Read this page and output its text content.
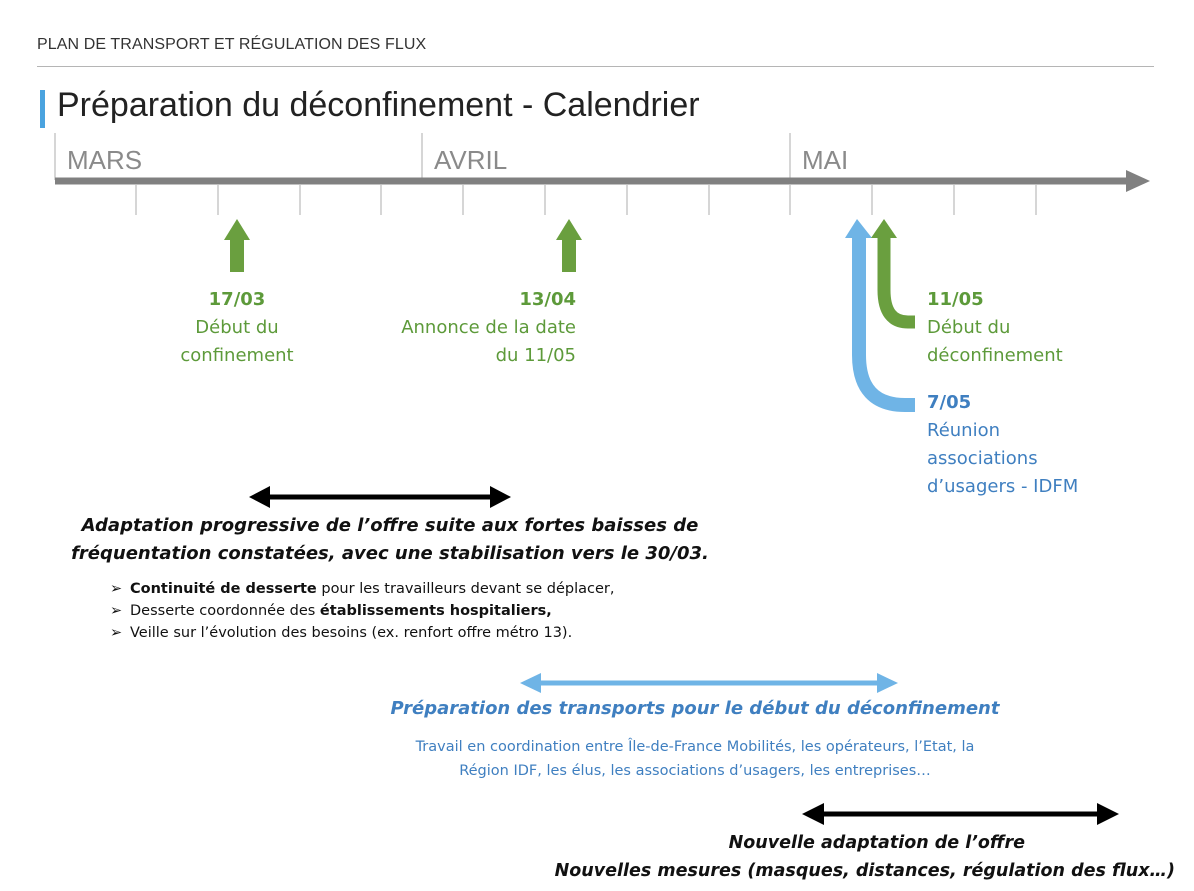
PLAN DE TRANSPORT ET RÉGULATION DES FLUX
Préparation du déconfinement - Calendrier
MARS	AVRIL	MAI
17/03
Début du
confinement
13/04
Annonce de la date
du 11/05
11/05
Début du
déconfinement
7/05
Réunion
associations
d’usagers - IDFM
Adaptation progressive de l’offre suite aux fortes baisses de
fréquentation constatées, avec une stabilisation vers le 30/03.
➢ Continuité de desserte pour les travailleurs devant se déplacer,
➢ Desserte coordonnée des établissements hospitaliers,
➢ Veille sur l’évolution des besoins (ex. renfort offre métro 13).
Préparation des transports pour le début du déconfinement
Travail en coordination entre Île-de-France Mobilités, les opérateurs, l’Etat, la
Région IDF, les élus, les associations d’usagers, les entreprises…
Nouvelle adaptation de l’offre
Nouvelles mesures (masques, distances, régulation des flux…)
